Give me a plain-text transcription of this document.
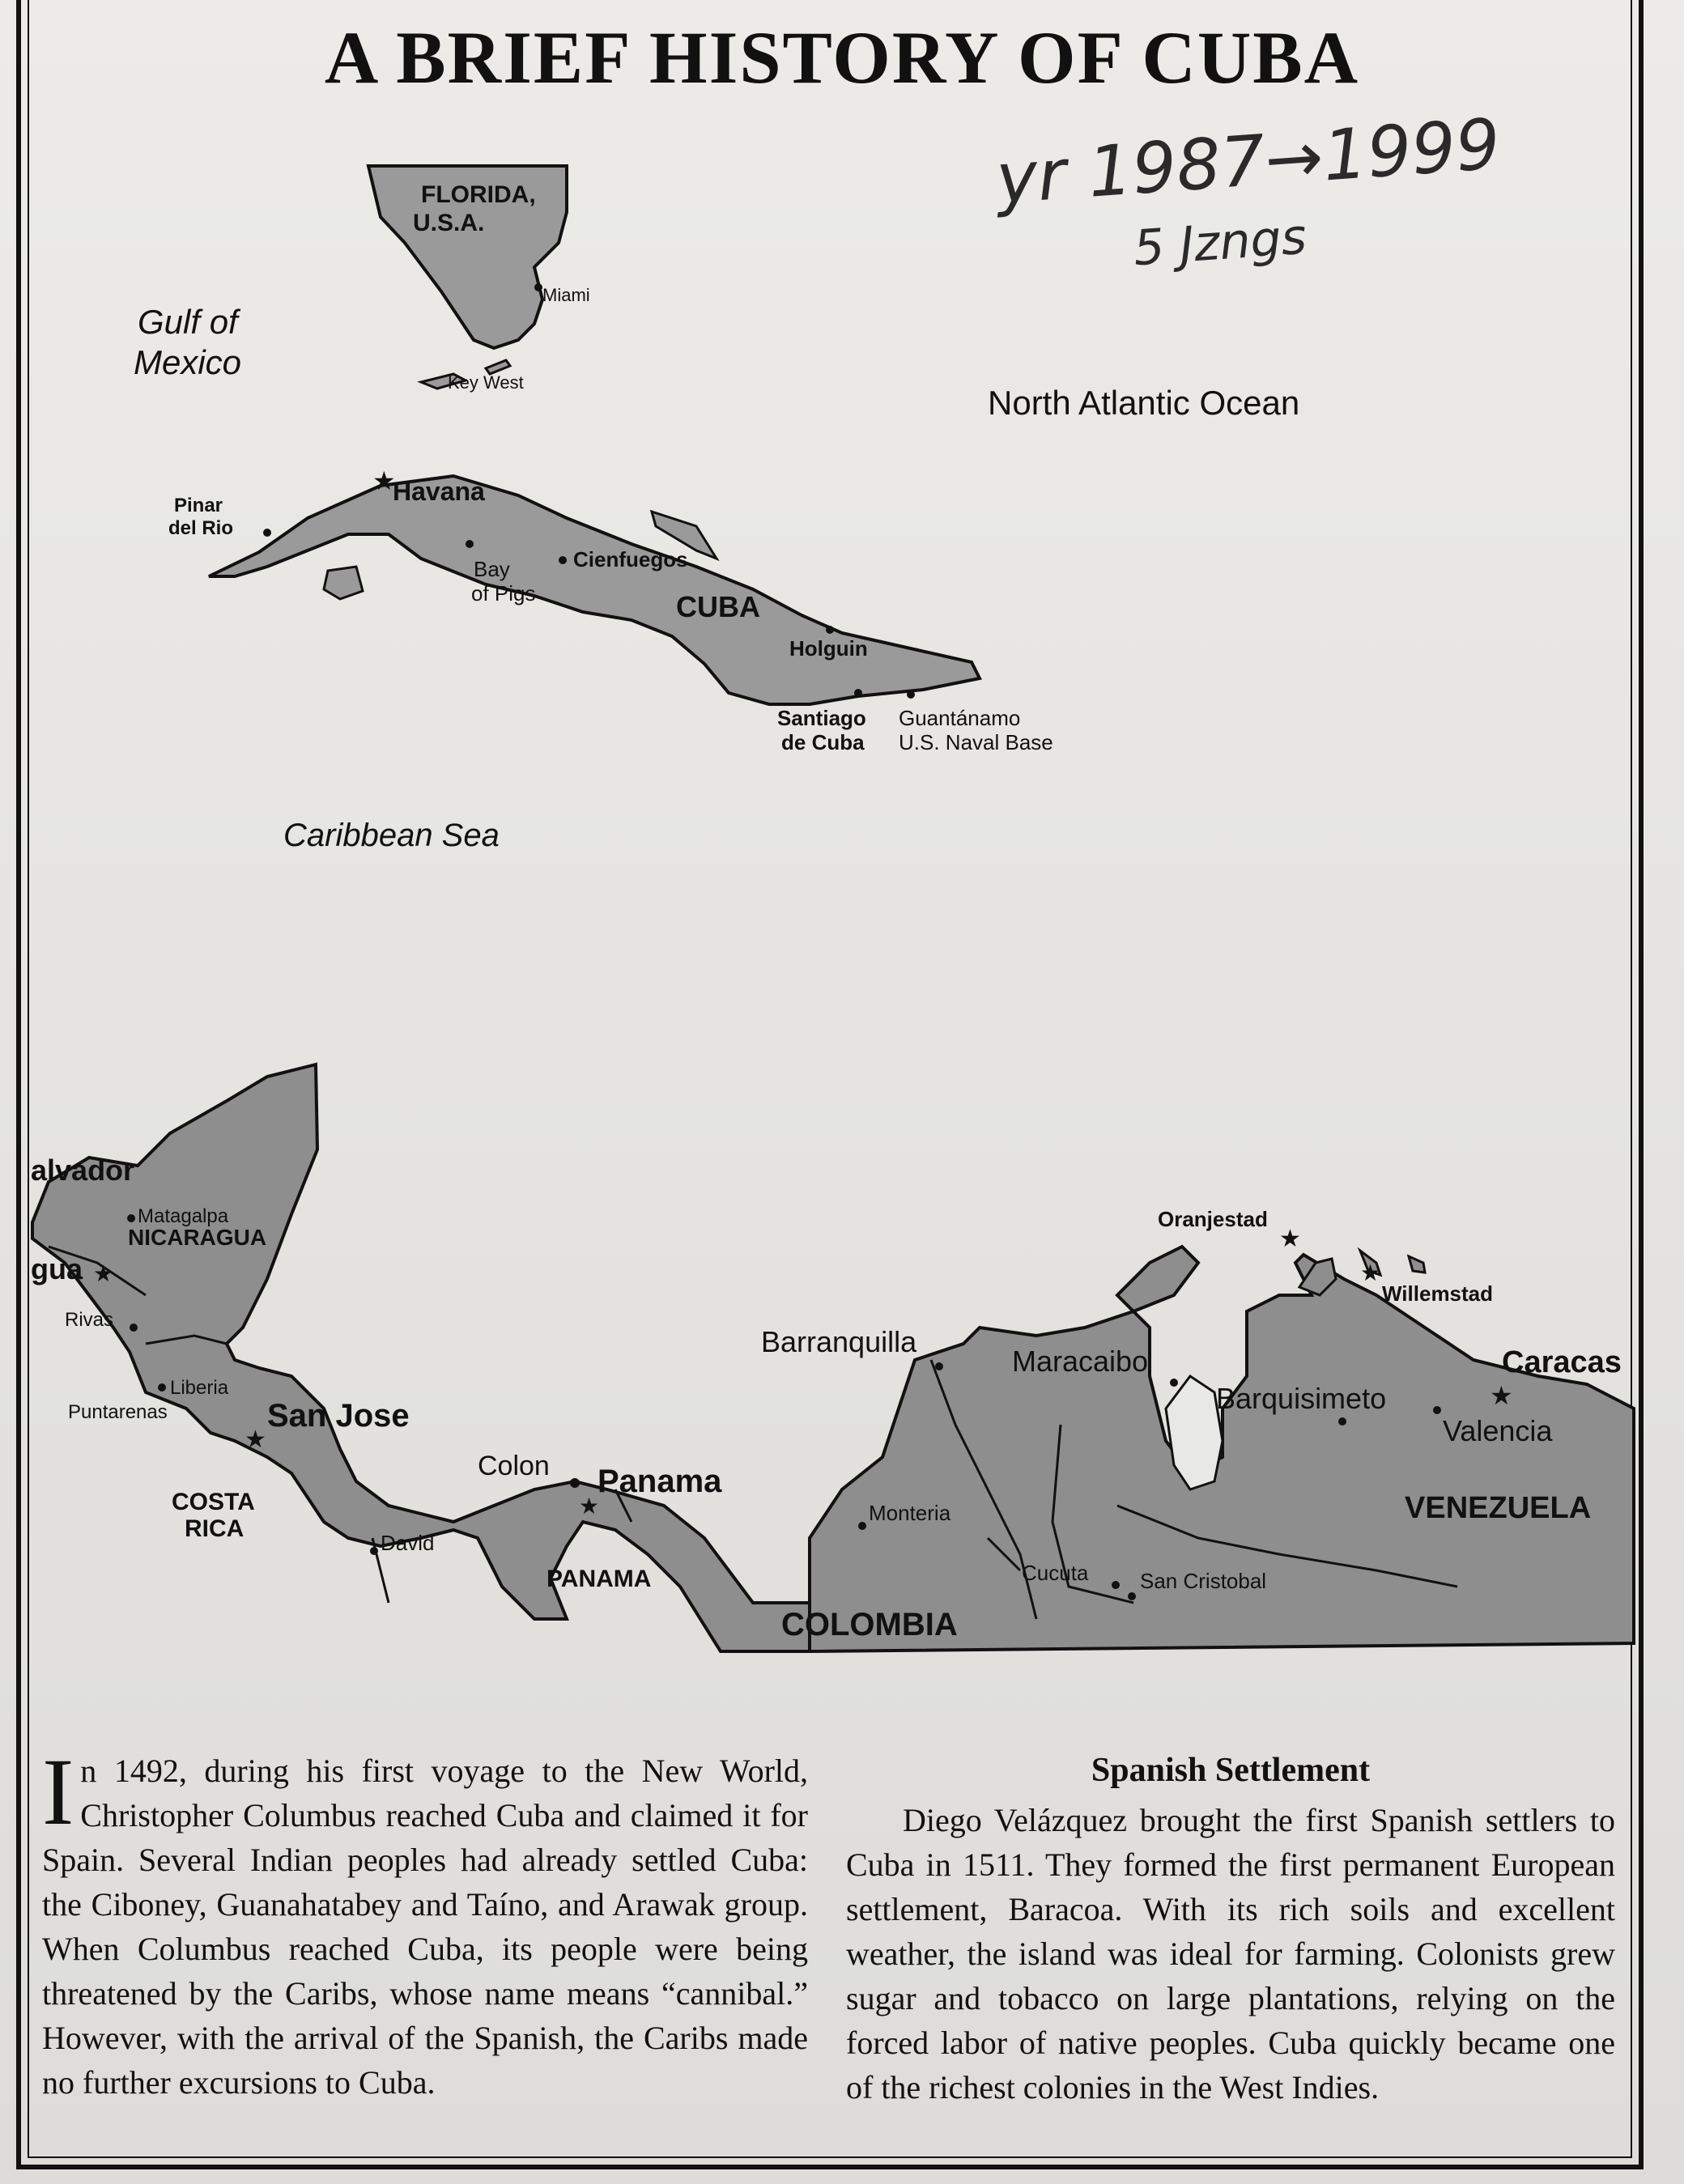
A BRIEF HISTORY OF CUBA
yr 1987→1999
5 Jzngs
FLORIDA,
U.S.A.
Miami
Key West
Gulf of
Mexico
North Atlantic Ocean
★
Havana
Pinar
del Rio
Bay
of Pigs
Cienfuegos
CUBA
Holguin
Santiago
de Cuba
Guantánamo
U.S. Naval Base
Caribbean Sea
alvador
Matagalpa
NICARAGUA
gua ★
Rivas
Liberia
Puntarenas
★
San Jose
COSTA
RICA
David
Colon Panama
★
PANAMA
Barranquilla
Monteria
COLOMBIA
Cucuta San Cristobal
Maracaibo
Barquisimeto
Valencia
★
Caracas
VENEZUELA
Oranjestad
★
★
Willemstad
I n 1492, during his first voyage to the New World, Christopher Columbus reached Cuba and claimed it for Spain. Several Indian peoples had already settled Cuba: the Ciboney, Guanahatabey and Taíno, and Arawak group. When Columbus reached Cuba, its people were being threatened by the Caribs, whose name means “cannibal.” However, with the arrival of the Spanish, the Caribs made no further excursions to Cuba.

Spanish Settlement

Diego Velázquez brought the first Spanish settlers to Cuba in 1511. They formed the first permanent European settlement, Baracoa. With its rich soils and excellent weather, the island was ideal for farming. Colonists grew sugar and tobacco on large plantations, relying on the forced labor of native peoples. Cuba quickly became one of the richest colonies in the West Indies.
